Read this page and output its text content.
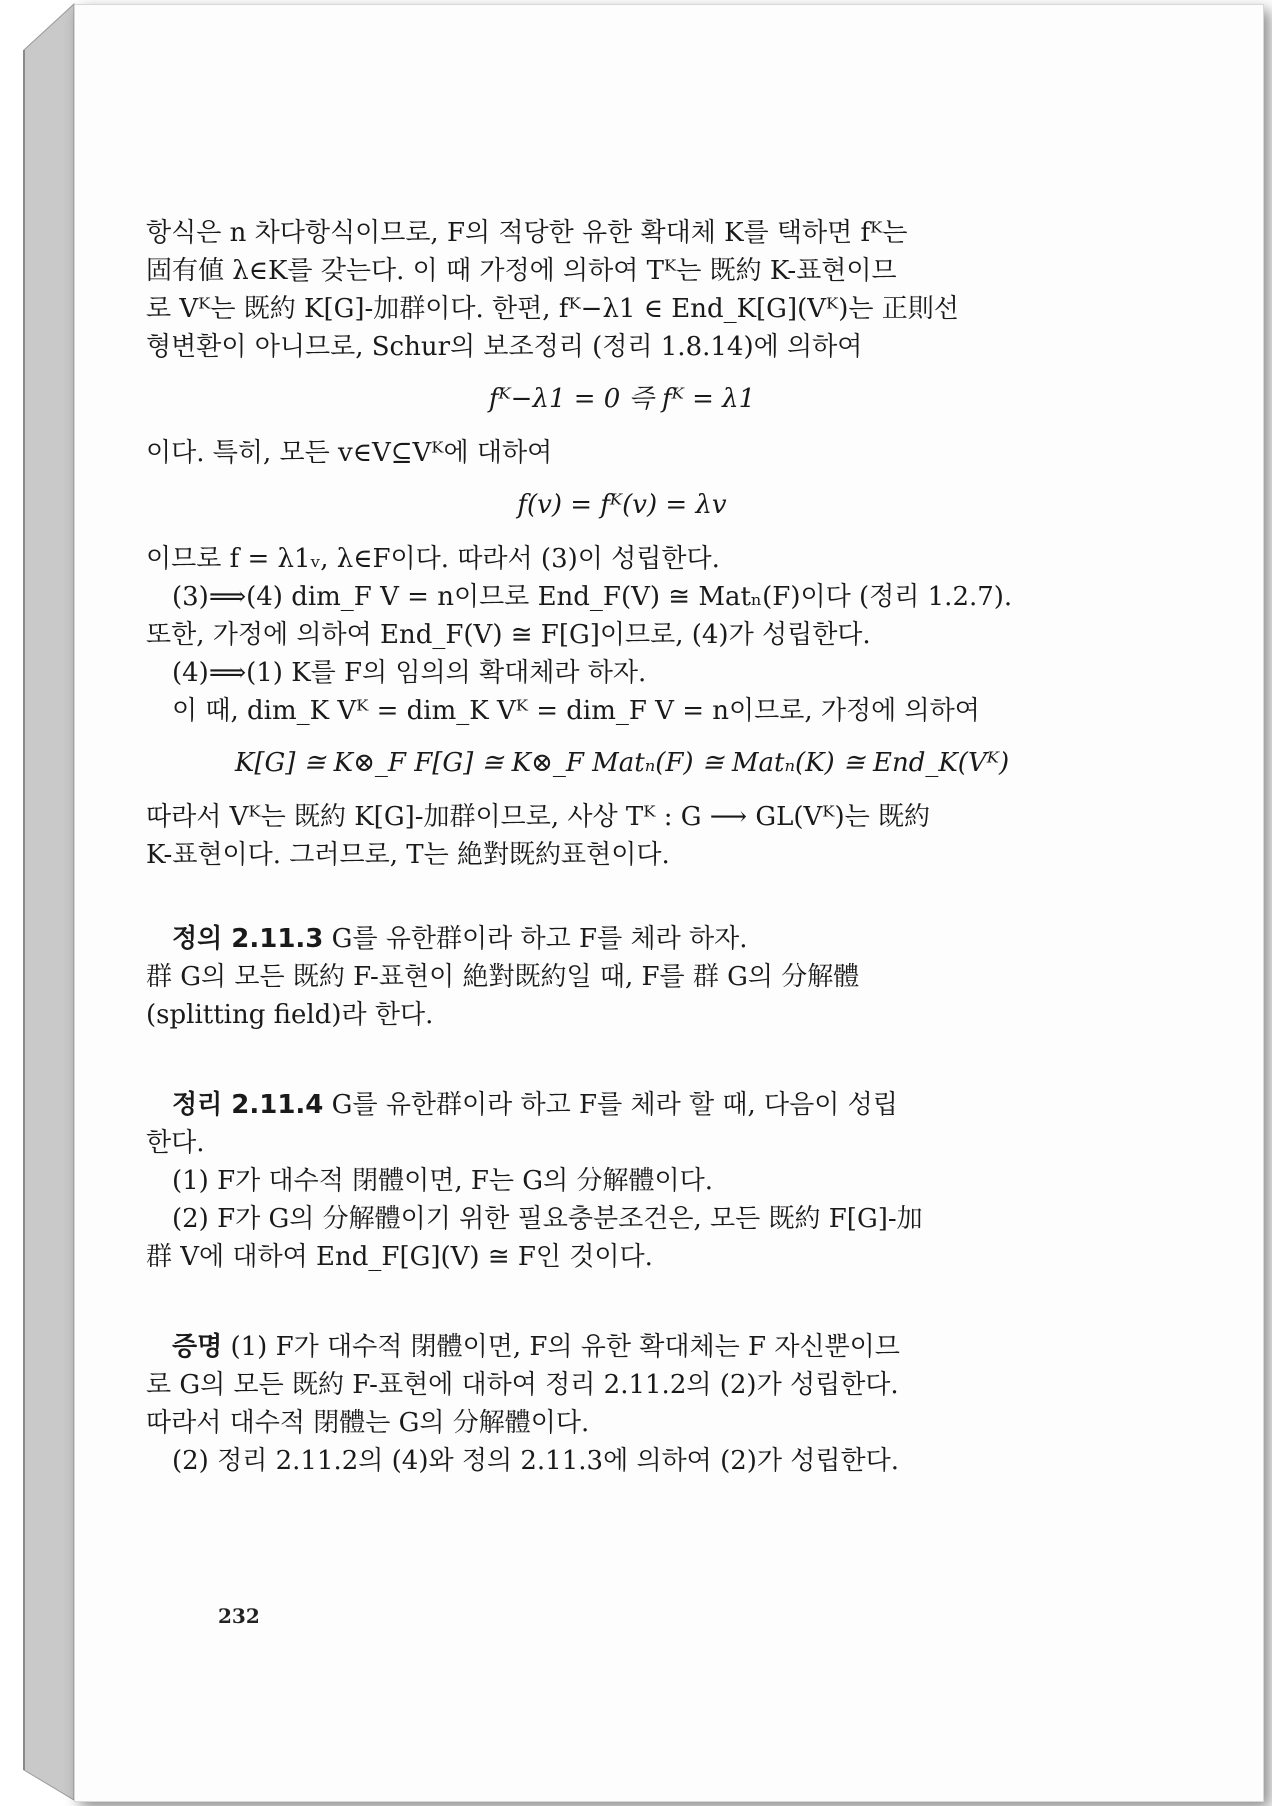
항식은 n 차다항식이므로, F의 적당한 유한 확대체 K를 택하면 fᴷ는

固有値 λ∈K를 갖는다. 이 때 가정에 의하여 Tᴷ는 既約 K-표현이므

로 Vᴷ는 既約 K[G]-加群이다. 한편, fᴷ−λ1 ∈ End_K[G](Vᴷ)는 正則선

형변환이 아니므로, Schur의 보조정리 (정리 1.8.14)에 의하여

fᴷ−λ1 = 0 즉 fᴷ = λ1

이다. 특히, 모든 v∈V⊆Vᴷ에 대하여

f(v) = fᴷ(v) = λv

이므로 f = λ1ᵥ, λ∈F이다. 따라서 (3)이 성립한다.

(3)⟹(4) dim_F V = n이므로 End_F(V) ≅ Matₙ(F)이다 (정리 1.2.7).

또한, 가정에 의하여 End_F(V) ≅ F[G]이므로, (4)가 성립한다.

(4)⟹(1) K를 F의 임의의 확대체라 하자.

이 때, dim_K Vᴷ = dim_K Vᴷ = dim_F V = n이므로, 가정에 의하여

K[G] ≅ K⊗_F F[G] ≅ K⊗_F Matₙ(F) ≅ Matₙ(K) ≅ End_K(Vᴷ)

따라서 Vᴷ는 既約 K[G]-加群이므로, 사상 Tᴷ : G ⟶ GL(Vᴷ)는 既約

K-표현이다. 그러므로, T는 絶對既約표현이다.

정의 2.11.3 G를 유한群이라 하고 F를 체라 하자.

群 G의 모든 既約 F-표현이 絶對既約일 때, F를 群 G의 分解體

(splitting field)라 한다.

정리 2.11.4 G를 유한群이라 하고 F를 체라 할 때, 다음이 성립

한다.

(1) F가 대수적 閉體이면, F는 G의 分解體이다.

(2) F가 G의 分解體이기 위한 필요충분조건은, 모든 既約 F[G]-加

群 V에 대하여 End_F[G](V) ≅ F인 것이다.

증명 (1) F가 대수적 閉體이면, F의 유한 확대체는 F 자신뿐이므

로 G의 모든 既約 F-표현에 대하여 정리 2.11.2의 (2)가 성립한다.

따라서 대수적 閉體는 G의 分解體이다.

(2) 정리 2.11.2의 (4)와 정의 2.11.3에 의하여 (2)가 성립한다.

232
